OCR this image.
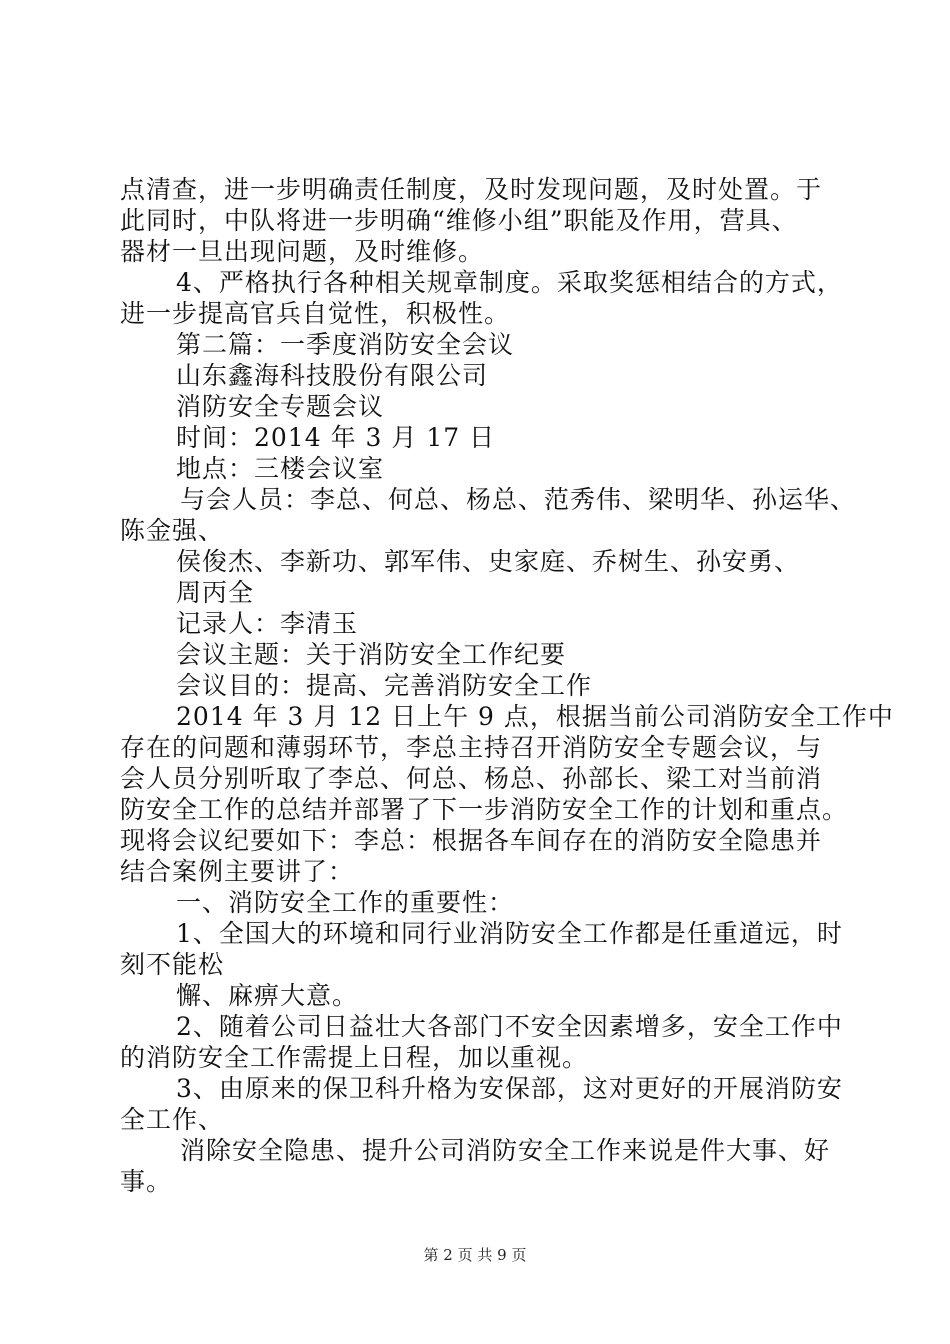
点清查，进一步明确责任制度，及时发现问题，及时处置。于
此同时，中队将进一步明确“维修小组”职能及作用，营具、
器材一旦出现问题，及时维修。
4、严格执行各种相关规章制度。采取奖惩相结合的方式，
进一步提高官兵自觉性，积极性。
第二篇：一季度消防安全会议
山东鑫海科技股份有限公司
消防安全专题会议
时间：2014 年 3 月 17 日
地点：三楼会议室
与会人员：李总、何总、杨总、范秀伟、梁明华、孙运华、
陈金强、
侯俊杰、李新功、郭军伟、史家庭、乔树生、孙安勇、
周丙全
记录人：李清玉
会议主题：关于消防安全工作纪要
会议目的：提高、完善消防安全工作
2014 年 3 月 12 日上午 9 点，根据当前公司消防安全工作中
存在的问题和薄弱环节，李总主持召开消防安全专题会议，与
会人员分别听取了李总、何总、杨总、孙部长、梁工对当前消
防安全工作的总结并部署了下一步消防安全工作的计划和重点。
现将会议纪要如下：李总：根据各车间存在的消防安全隐患并
结合案例主要讲了：
一、消防安全工作的重要性：
1、全国大的环境和同行业消防安全工作都是任重道远，时
刻不能松
懈、麻痹大意。
2、随着公司日益壮大各部门不安全因素增多，安全工作中
的消防安全工作需提上日程，加以重视。
3、由原来的保卫科升格为安保部，这对更好的开展消防安
全工作、
消除安全隐患、提升公司消防安全工作来说是件大事、好
事。
第 2 页 共 9 页
